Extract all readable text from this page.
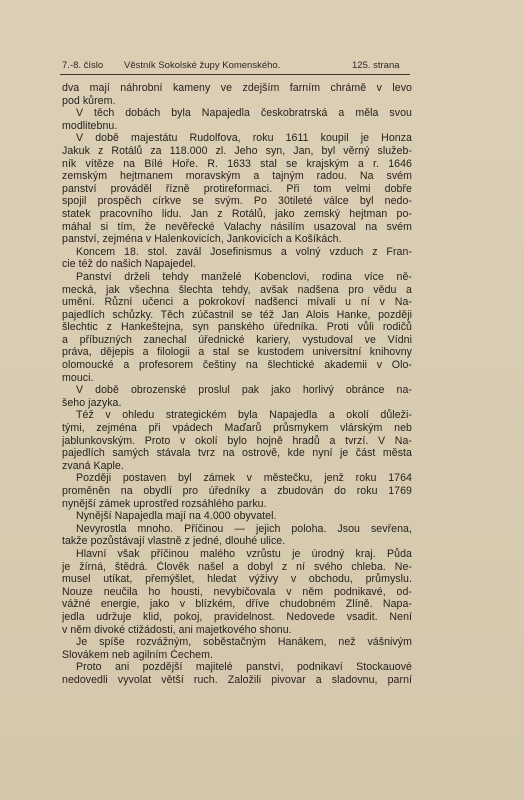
7.-8. číslo Věstník Sokolské župy Komenského.	125. strana
dva mají náhrobní kameny ve zdejším farním chrámě v levo
pod kůrem.
V těch dobách byla Napajedla českobratrská a měla svou
modlitebnu.
V době majestátu Rudolfova, roku 1611 koupil je Honza
Jakuk z Rotálů za 118.000 zl. Jeho syn, Jan, byl věrný služeb-
ník vítěze na Bílé Hoře. R. 1633 stal se krajským a r. 1646
zemským hejtmanem moravským a tajným radou. Na svém
panství prováděl řízně protireformaci. Při tom velmi dobře
spojil prospěch církve se svým. Po 30tileté válce byl nedo-
statek pracovního lidu. Jan z Rotálů, jako zemský hejtman po-
máhal si tím, že nevěřecké Valachy násilím usazoval na svém
panství, zejména v Halenkovicích, Jankovicích a Košíkách.
Koncem 18. stol. zavál Josefinismus a volný vzduch z Fran-
cie též do našich Napajedel.
Panství drželi tehdy manželé Kobenclovi, rodina více ně-
mecká, jak všechna šlechta tehdy, avšak nadšena pro vědu a
umění. Různí učenci a pokrokoví nadšenci mívali u ní v Na-
pajedlích schůzky. Těch zúčastnil se též Jan Alois Hanke, později
šlechtic z Hankešteјna, syn panského úředníka. Proti vůli rodičů
a příbuzných zanechal úřednické kariery, vystudoval ve Vídni
práva, dějepis a filologii a stal se kustodem universitní knihovny
olomoucké a profesorem češtiny na šlechtické akademii v Olo-
mouci.
V době obrozenské proslul pak jako horlivý obránce na-
šeho jazyka.
Též v ohledu strategickém byla Napajedla a okolí důleži-
tými, zejména při vpádech Maďarů průsmykem vlárským neb
jablunkovským. Proto v okolí bylo hojně hradů a tvrzí. V Na-
pajedlích samých stávala tvrz na ostrově, kde nyní je část města
zvaná Kaple.
Později postaven byl zámek v městečku, jenž roku 1764
proměněn na obydlí pro úředníky a zbudován do roku 1769
nynější zámek uprostřed rozsáhlého parku.
Nynější Napajedla mají na 4.000 obyvatel.
Nevyrostla mnoho. Příčinou — jejich poloha. Jsou sevřena,
takže pozůstávají vlastně z jedné, dlouhé ulice.
Hlavní však příčinou malého vzrůstu je úrodný kraj. Půda
je žírná, štědrá. Člověk našel a dobyl z ní svého chleba. Ne-
musel utíkat, přemýšlet, hledat výživy v obchodu, průmyslu.
Nouze neučila ho housti, nevybičovala v něm podnikavé, od-
vážné energie, jako v blízkém, dříve chudobném Zlíně. Napa-
jedla udržuje klid, pokoj, pravidelnost. Nedovede vsadit. Není
v něm divoké ctižádosti, ani majetkového shonu.
Je spíše rozvážným, soběstačným Hanákem, než vášnivým
Slovákem neb agilním Čechem.
Proto ani pozdější majitelé panství, podnikaví Stockauové
nedovedli vyvolat větší ruch. Založili pivovar a sladovnu, parní
